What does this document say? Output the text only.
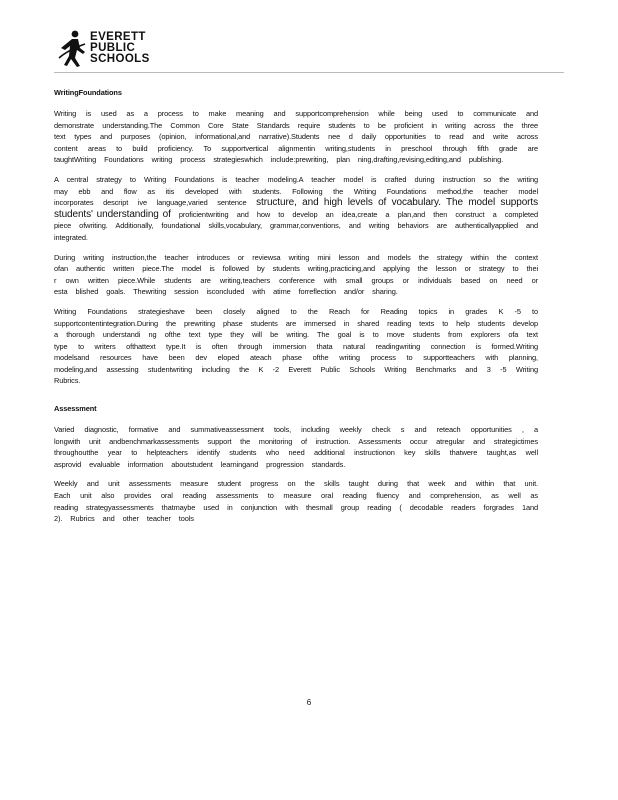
EVERETT
PUBLIC
SCHOOLS
WritingFoundations

Writing is used as a process to make meaning and supportcomprehension while being used to communicate and demonstrate understanding.The Common Core State Standards require students to be proficient in writing across the three text types and purposes (opinion, informational,and narrative).Students nee d daily opportunities to read and write across content areas to build proficiency. To supportvertical alignmentin writing,students in preschool through fifth grade are taughtWriting Foundations writing process strategieswhich include:prewriting, plan ning,drafting,revising,editing,and publishing.

A central strategy to Writing Foundations is teacher modeling.A teacher model is crafted during instruction so the writing may ebb and flow as itis developed with students. Following the Writing Foundations method,the teacher model incorporates descript ive language,varied sentence structure, and high levels of vocabulary. The model supports students' understanding of proficientwriting and how to develop an idea,create a plan,and then construct a completed piece ofwriting. Additionally, foundational skills,vocabulary, grammar,conventions, and writing behaviors are authenticallyapplied and integrated.

During writing instruction,the teacher introduces or reviewsa writing mini lesson and models the strategy within the context ofan authentic written piece.The model is followed by students writing,practicing,and applying the lesson or strategy to thei r own written piece.While students are writing,teachers conference with small groups or individuals based on need or esta blished goals. Thewriting session isconcluded with atime forreflection and/or sharing.

Writing Foundations strategieshave been closely aligned to the Reach for Reading topics in grades K -5 to supportcontentintegration.During the prewriting phase students are immersed in shared reading texts to help students develop a thorough understandi ng ofthe text type they will be writing. The goal is to move students from explorers ofa text type to writers ofthattext type.It is often through immersion thata natural readingwriting connection is formed.Writing modelsand resources have been dev eloped ateach phase ofthe writing process to supportteachers with planning, modeling,and assessing studentwriting including the K -2 Everett Public Schools Writing Benchmarks and 3 -5 Writing Rubrics.

Assessment

Varied diagnostic, formative and summativeassessment tools, including weekly check s and reteach opportunities , a longwith unit andbenchmarkassessments support the monitoring of instruction. Assessments occur atregular and strategictimes throughoutthe year to helpteachers identify students who need additional instructionon key skills thatwere taught,as well asprovid evaluable information aboutstudent learningand progression standards.

Weekly and unit assessments measure student progress on the skills taught during that week and within that unit. Each unit also provides oral reading assessments to measure oral reading fluency and comprehension, as well as reading strategyassessments thatmaybe used in conjunction with thesmall group reading ( decodable readers forgrades 1and 2). Rubrics and other teacher tools

6
